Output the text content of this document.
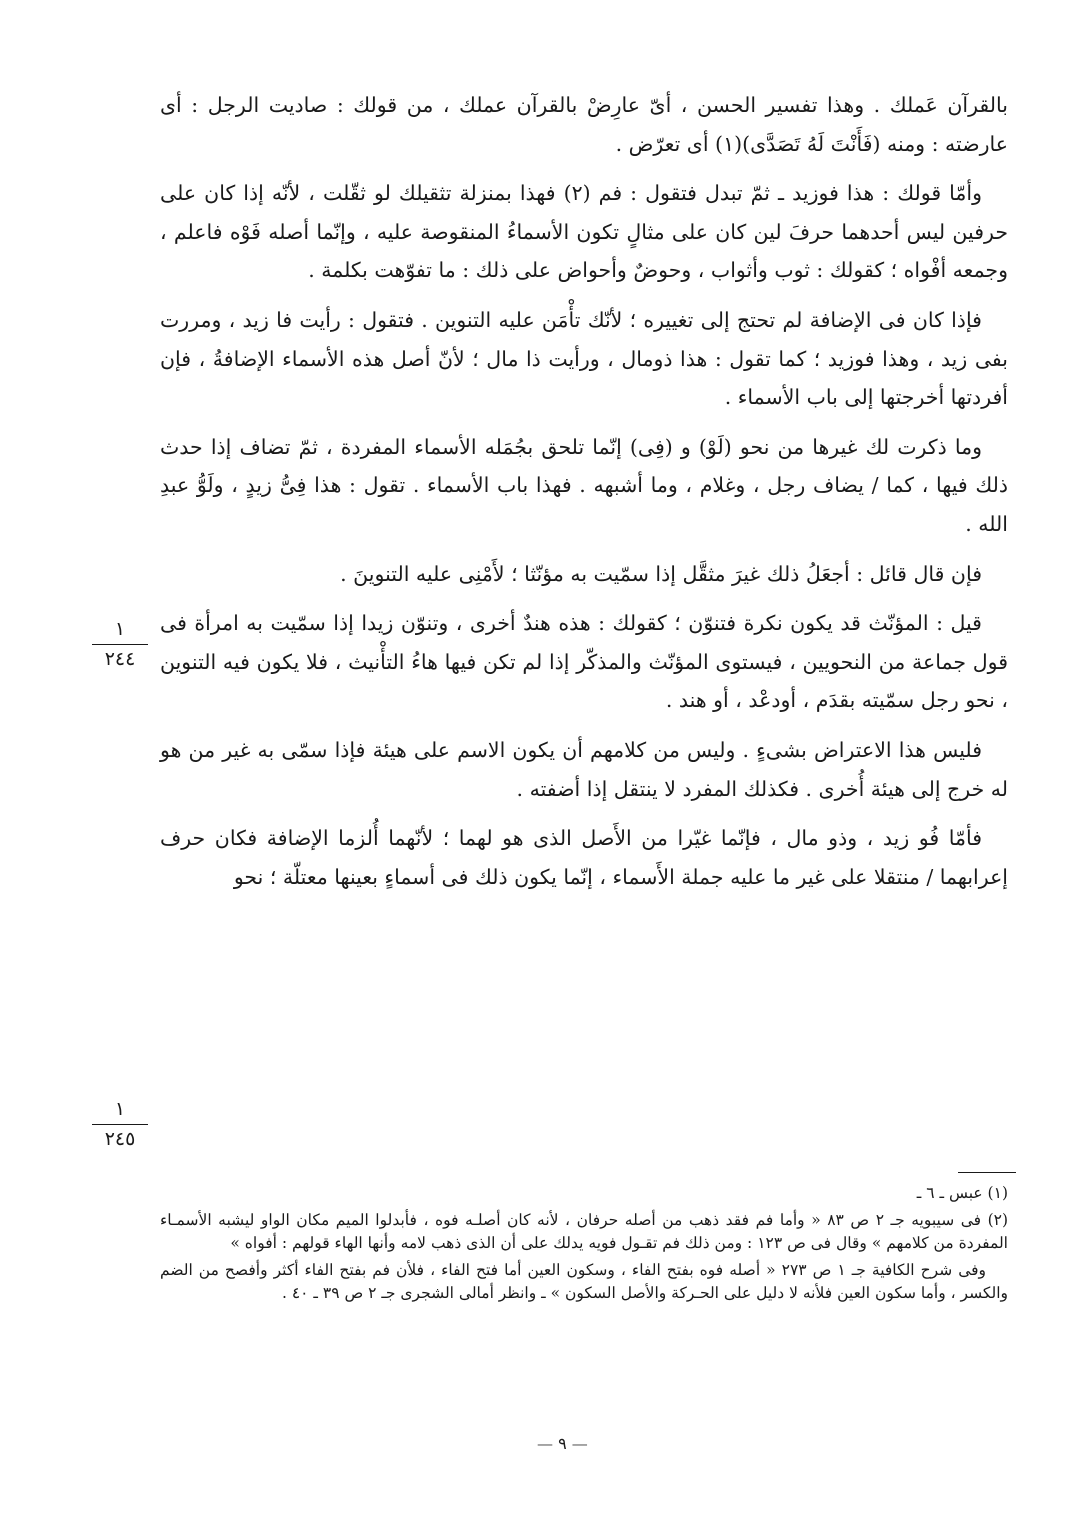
بالقرآن عَملك . وهذا تفسير الحسن ، أىّ عارِضْ بالقرآن عملك ، من قولك : صاديت الرجل : أى عارضته : ومنه (فَأَنْتَ لَهُ تَصَدَّى)(١) أى تعرّض .

وأمّا قولك : هذا فوزيد ـ ثمّ تبدل فتقول : فم (٢) فهذا بمنزلة تثقيلك لو ثقّلت ، لأنّه إذا كان على حرفين ليس أحدهما حرفَ لين كان على مثالٍ تكون الأسماءُ المنقوصة عليه ، وإنّما أصله فَوْه فاعلم ، وجمعه أفْواه ؛ كقولك : ثوب وأثواب ، وحوضٌ وأحواض على ذلك : ما تفوّهت بكلمة .

فإذا كان فى الإضافة لم تحتج إلى تغييره ؛ لأنّك تأْمَن عليه التنوين . فتقول : رأيت فا زيد ، ومررت بفى زيد ، وهذا فوزيد ؛ كما تقول : هذا ذومال ، ورأيت ذا مال ؛ لأنّ أصل هذه الأسماء الإضافةُ ، فإن أفردتها أخرجتها إلى باب الأسماء .

وما ذكرت لك غيرها من نحو (لَوْ) و (فِى) إنّما تلحق بجُمَله الأسماء المفردة ، ثمّ تضاف إذا حدث ذلك فيها ، كما / يضاف رجل ، وغلام ، وما أشبهه . فهذا باب الأسماء . تقول : هذا فِىُّ زيدٍ ، ولَوُّ عبدِ الله .

فإن قال قائل : أجعَلُ ذلك غيرَ مثقَّل إذا سمّيت به مؤنّثا ؛ لأَمْنِى عليه التنوينَ .

قيل : المؤنّث قد يكون نكرة فتنوّن ؛ كقولك : هذه هندٌ أخرى ، وتنوّن زيدا إذا سمّيت به امرأة فى قول جماعة من النحويين ، فيستوى المؤنّث والمذكّر إذا لم تكن فيها هاءُ التأْنيث ، فلا يكون فيه التنوين ، نحو رجل سمّيته بقدَم ، أودعْد ، أو هند .

فليس هذا الاعتراض بشىءٍ . وليس من كلامهم أن يكون الاسم على هيئة فإذا سمّى به غير من هو له خرج إلى هيئة أُخرى . فكذلك المفرد لا ينتقل إذا أضفته .

فأمّا فُو زيد ، وذو مال ، فإنّما غيّرا من الأَصل الذى هو لهما ؛ لأنّهما أُلزما الإضافة فكان حرف إعرابهما / منتقلا على غير ما عليه جملة الأَسماء ، إنّما يكون ذلك فى أسماءٍ بعينها معتلّة ؛ نحو

١
٢٤٤
١
٢٤٥

(١) عبس ـ ٦ ـ

(٢) فى سيبويه جـ ٢ ص ٨٣ « وأما فم فقد ذهب من أصله حرفان ، لأنه كان أصلـه فوه ، فأبدلوا الميم مكان الواو ليشبه الأسمـاء المفردة من كلامهم » وقال فى ص ١٢٣ : ومن ذلك فم تقـول فويه يدلك على أن الذى ذهب لامه وأنها الهاء قولهم : أفواه »

وفى شرح الكافية جـ ١ ص ٢٧٣ « أصله فوه بفتح الفاء ، وسكون العين أما فتح الفاء ، فلأن فم بفتح الفاء أكثر وأفصح من الضم والكسر ، وأما سكون العين فلأنه لا دليل على الحـركة والأصل السكون » ـ وانظر أمالى الشجرى جـ ٢ ص ٣٩ ـ ٤٠ .

— ٩ —
